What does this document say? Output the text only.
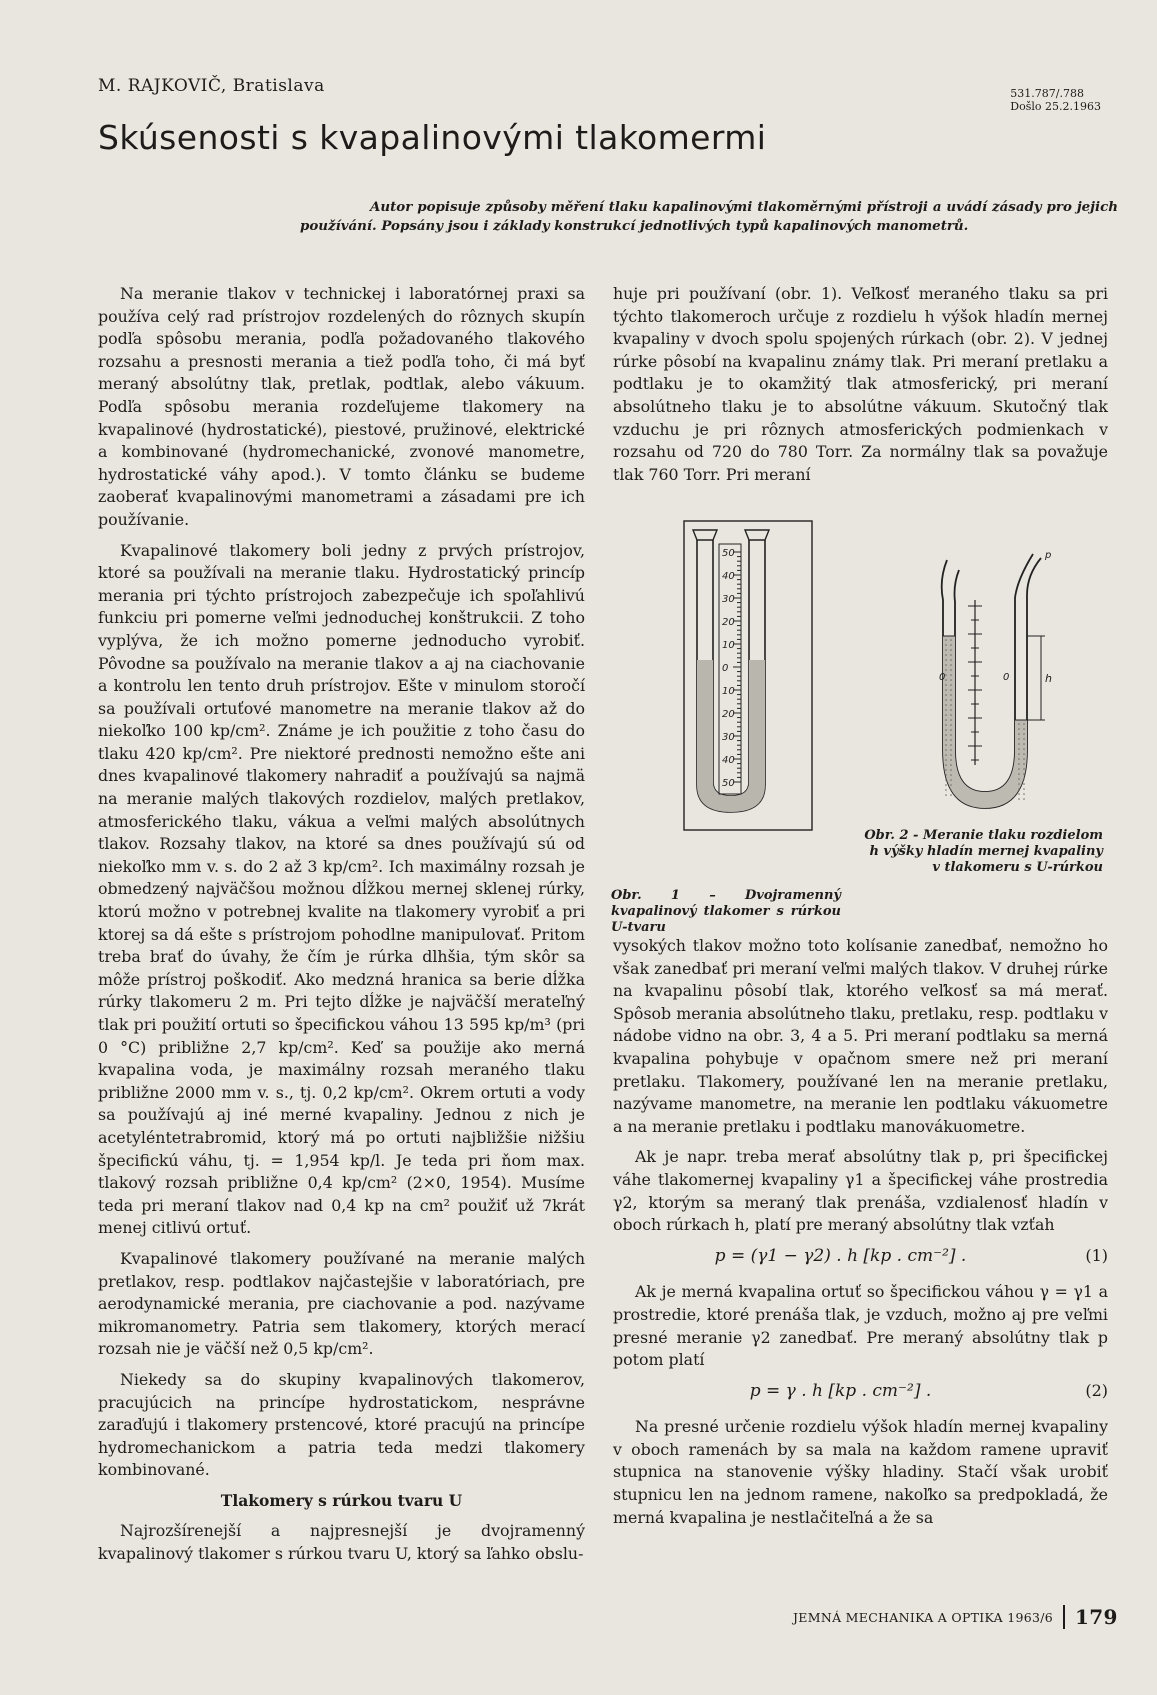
M. RAJKOVIČ, Bratislava	531.787/.788
Došlo 25.2.1963
Skúsenosti s kvapalinovými tlakomermi

Autor popisuje způsoby měření tlaku kapalinovými tlakoměrnými přístroji a uvádí zásady pro jejich používání. Popsány jsou i základy konstrukcí jednotlivých typů kapalinových manometrů.

Na meranie tlakov v technickej i laboratórnej praxi sa používa celý rad prístrojov rozdelených do rôznych skupín podľa spôsobu merania, podľa požadovaného tlakového rozsahu a presnosti merania a tiež podľa toho, či má byť meraný absolútny tlak, pretlak, podtlak, alebo vákuum. Podľa spôsobu merania rozdeľujeme tlakomery na kvapalinové (hydrostatické), piestové, pružinové, elektrické a kombinované (hydromechanické, zvonové manometre, hydrostatické váhy apod.). V tomto článku se budeme zaoberať kvapalinovými manometrami a zásadami pre ich používanie.

Kvapalinové tlakomery boli jedny z prvých prístrojov, ktoré sa používali na meranie tlaku. Hydrostatický princíp merania pri týchto prístrojoch zabezpečuje ich spoľahlivú funkciu pri pomerne veľmi jednoduchej konštrukcii. Z toho vyplýva, že ich možno pomerne jednoducho vyrobiť. Pôvodne sa používalo na meranie tlakov a aj na ciachovanie a kontrolu len tento druh prístrojov. Ešte v minulom storočí sa používali ortuťové manometre na meranie tlakov až do niekoľko 100 kp/cm². Známe je ich použitie z toho času do tlaku 420 kp/cm². Pre niektoré prednosti nemožno ešte ani dnes kvapalinové tlakomery nahradiť a používajú sa najmä na meranie malých tlakových rozdielov, malých pretlakov, atmosferického tlaku, vákua a veľmi malých absolútnych tlakov. Rozsahy tlakov, na ktoré sa dnes používajú sú od niekoľko mm v. s. do 2 až 3 kp/cm². Ich maximálny rozsah je obmedzený najväčšou možnou dĺžkou mernej sklenej rúrky, ktorú možno v potrebnej kvalite na tlakomery vyrobiť a pri ktorej sa dá ešte s prístrojom pohodlne manipulovať. Pritom treba brať do úvahy, že čím je rúrka dlhšia, tým skôr sa môže prístroj poškodiť. Ako medzná hranica sa berie dĺžka rúrky tlakomeru 2 m. Pri tejto dĺžke je najväčší merateľný tlak pri použití ortuti so špecifickou váhou 13 595 kp/m³ (pri 0 °C) približne 2,7 kp/cm². Keď sa použije ako merná kvapalina voda, je maximálny rozsah meraného tlaku približne 2000 mm v. s., tj. 0,2 kp/cm². Okrem ortuti a vody sa používajú aj iné merné kvapaliny. Jednou z nich je acetyléntetrabromid, ktorý má po ortuti najbližšie nižšiu špecifickú váhu, tj. = 1,954 kp/l. Je teda pri ňom max. tlakový rozsah približne 0,4 kp/cm² (2×0, 1954). Musíme teda pri meraní tlakov nad 0,4 kp na cm² použiť už 7krát menej citlivú ortuť.

Kvapalinové tlakomery používané na meranie malých pretlakov, resp. podtlakov najčastejšie v laboratóriach, pre aerodynamické merania, pre ciachovanie a pod. nazývame mikromanometry. Patria sem tlakomery, ktorých merací rozsah nie je väčší než 0,5 kp/cm².

Niekedy sa do skupiny kvapalinových tlakomerov, pracujúcich na princípe hydrostatickom, nesprávne zaraďujú i tlakomery prstencové, ktoré pracujú na princípe hydromechanickom a patria teda medzi tlakomery kombinované.

Tlakomery s rúrkou tvaru U

Najrozšírenejší a najpresnejší je dvojramenný kvapalinový tlakomer s rúrkou tvaru U, ktorý sa ľahko obslu-

huje pri používaní (obr. 1). Veľkosť meraného tlaku sa pri týchto tlakomeroch určuje z rozdielu h výšok hladín mernej kvapaliny v dvoch spolu spojených rúrkach (obr. 2). V jednej rúrke pôsobí na kvapalinu známy tlak. Pri meraní pretlaku a podtlaku je to okamžitý tlak atmosferický, pri meraní absolútneho tlaku je to absolútne vákuum. Skutočný tlak vzduchu je pri rôznych atmosferických podmienkach v rozsahu od 720 do 780 Torr. Za normálny tlak sa považuje tlak 760 Torr. Pri meraní

50
40
30
20
10
0
10
20
30
40
50
Obr. 1 – Dvojramenný kvapalinový tlakomer s rúrkou U-tvaru
0	0
p
h
Obr. 2 - Meranie tlaku rozdielom h výšky hladín mernej kvapaliny v tlakomeru s U-rúrkou

vysokých tlakov možno toto kolísanie zanedbať, nemožno ho však zanedbať pri meraní veľmi malých tlakov. V druhej rúrke na kvapalinu pôsobí tlak, ktorého veľkosť sa má merať. Spôsob merania absolútneho tlaku, pretlaku, resp. podtlaku v nádobe vidno na obr. 3, 4 a 5. Pri meraní podtlaku sa merná kvapalina pohybuje v opačnom smere než pri meraní pretlaku. Tlakomery, používané len na meranie pretlaku, nazývame manometre, na meranie len podtlaku vákuometre a na meranie pretlaku i podtlaku manovákuometre.

Ak je napr. treba merať absolútny tlak p, pri špecifickej váhe tlakomernej kvapaliny γ1 a špecifickej váhe prostredia γ2, ktorým sa meraný tlak prenáša, vzdialenosť hladín v oboch rúrkach h, platí pre meraný absolútny tlak vzťah

p = (γ1 − γ2) . h [kp . cm⁻²] .	(1)

Ak je merná kvapalina ortuť so špecifickou váhou γ = γ1 a prostredie, ktoré prenáša tlak, je vzduch, možno aj pre veľmi presné meranie γ2 zanedbať. Pre meraný absolútny tlak p potom platí

p = γ . h [kp . cm⁻²] .	(2)

Na presné určenie rozdielu výšok hladín mernej kvapaliny v oboch ramenách by sa mala na každom ramene upraviť stupnica na stanovenie výšky hladiny. Stačí však urobiť stupnicu len na jednom ramene, nakoľko sa predpokladá, že merná kvapalina je nestlačiteľná a že sa

JEMNÁ MECHANIKA A OPTIKA 1963/6 179
